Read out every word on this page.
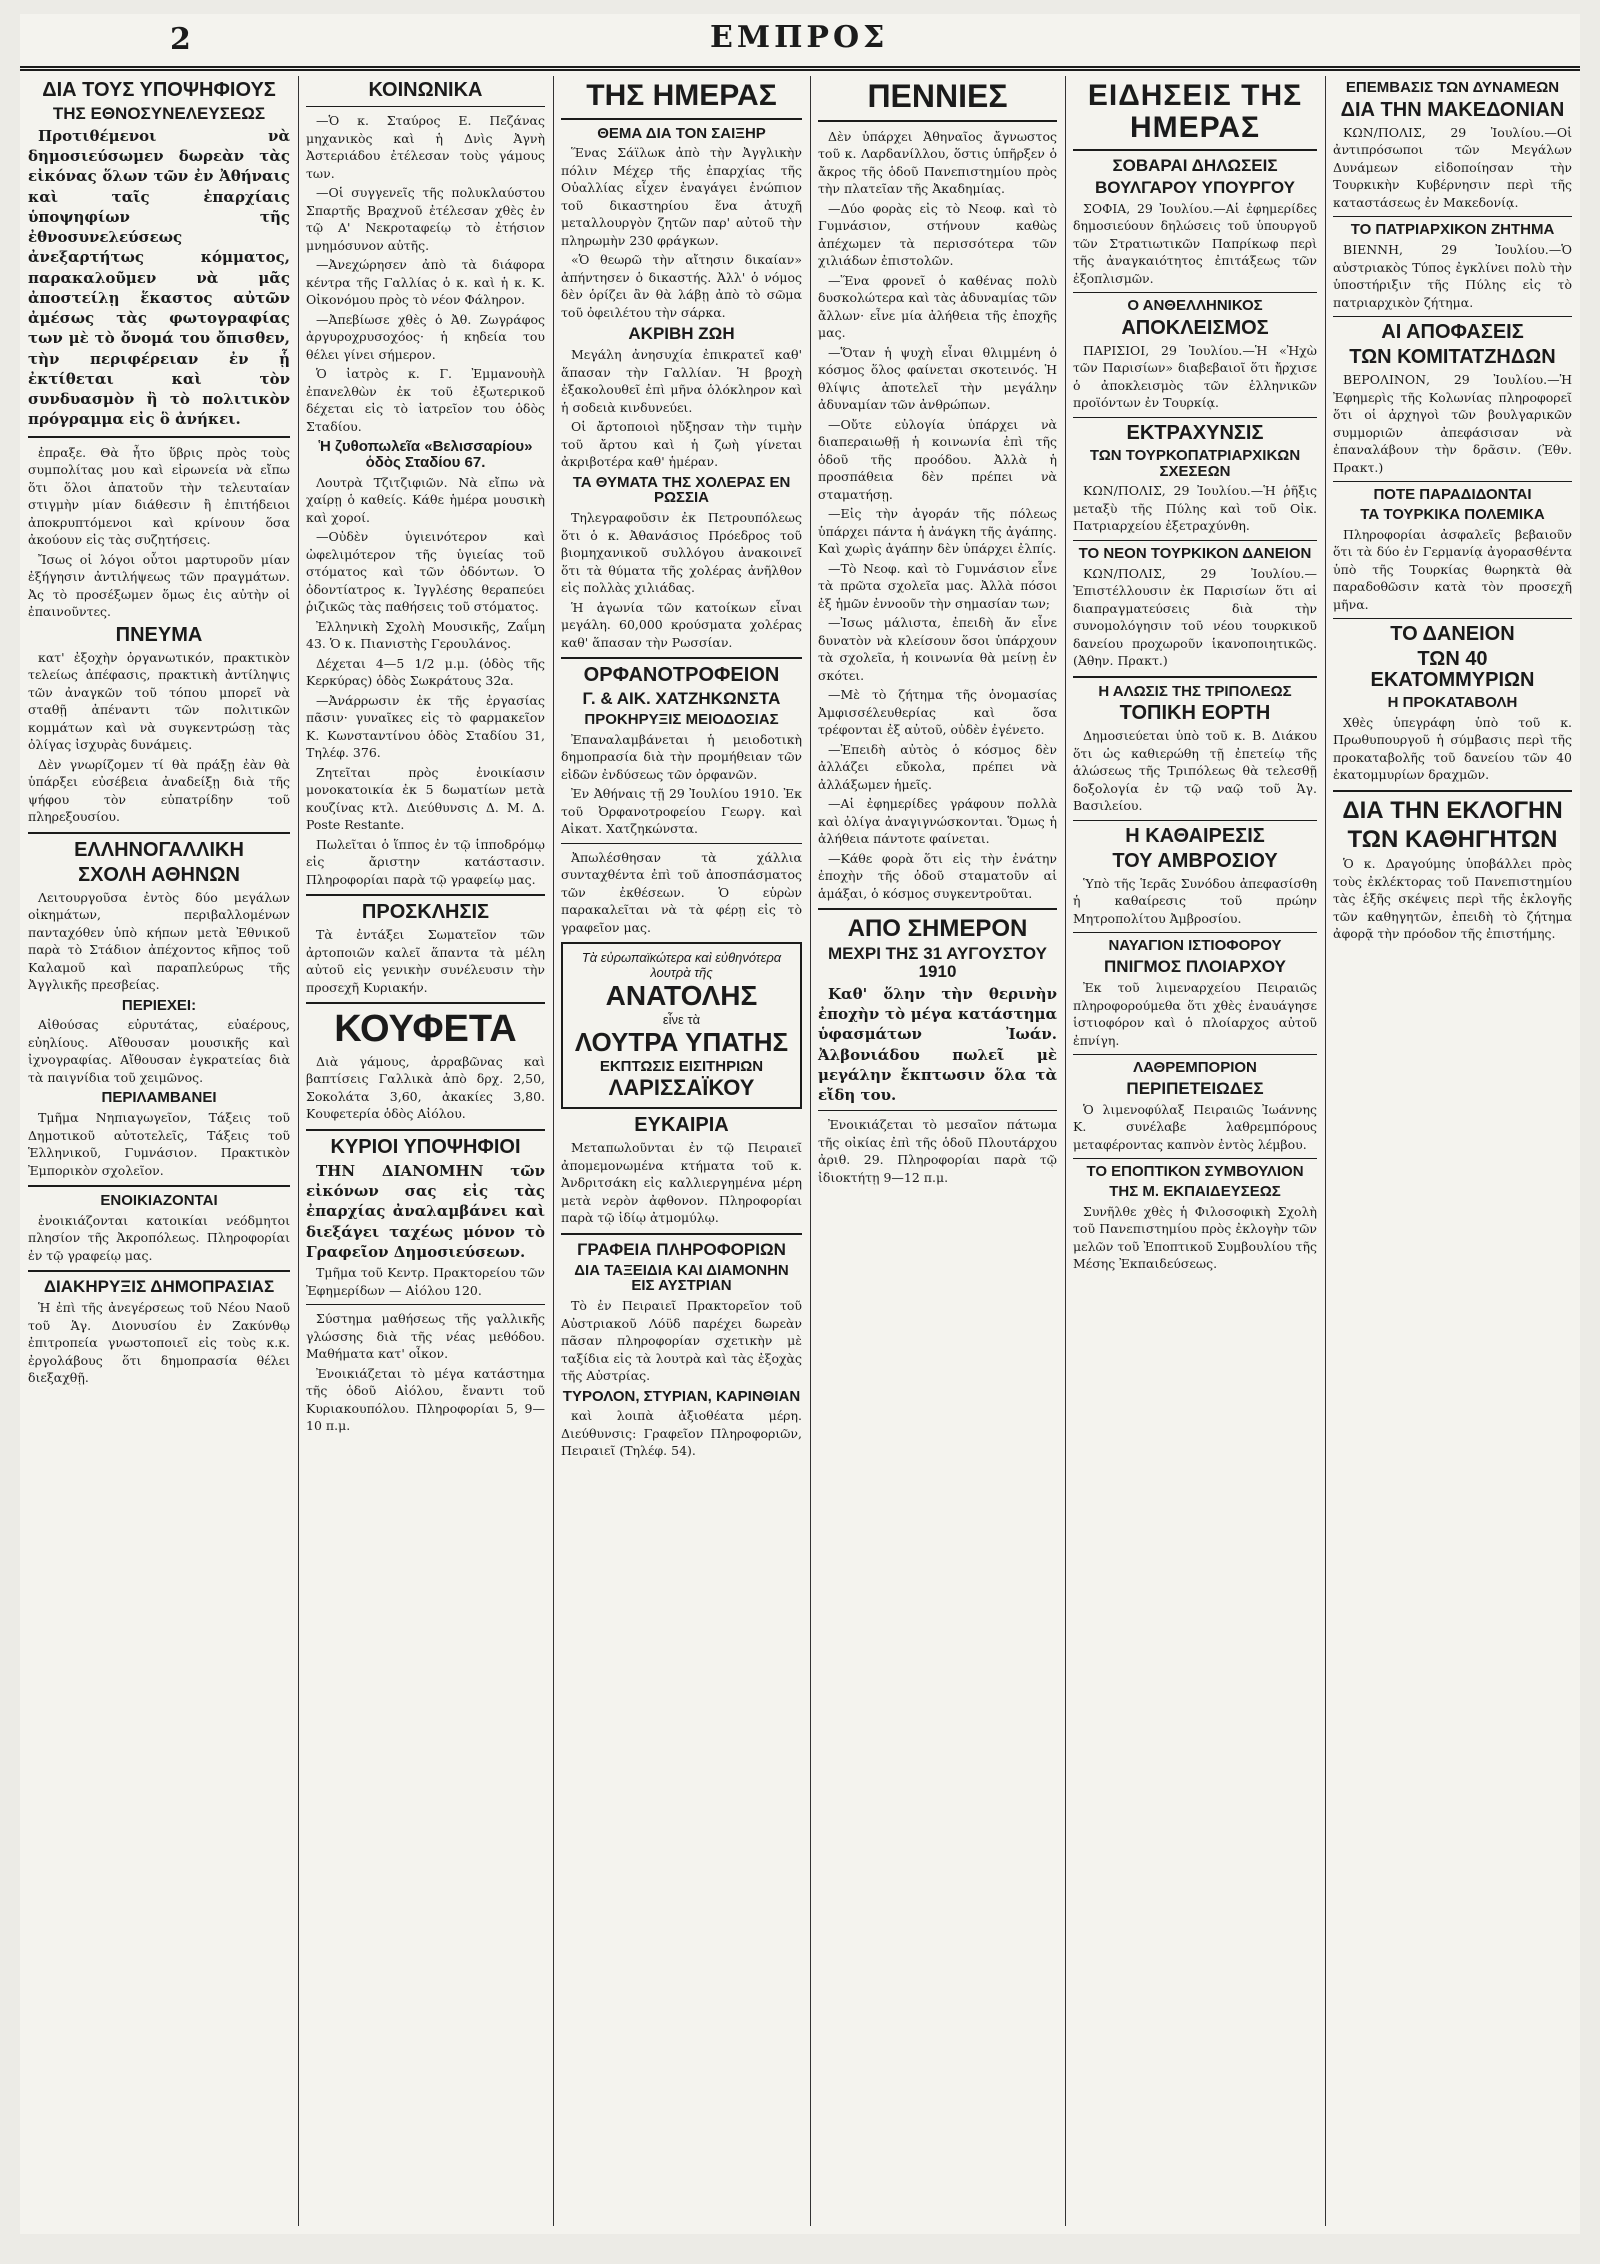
2	ΕΜΠΡΟΣ
ΔΙΑ ΤΟΥΣ ΥΠΟΨΗΦΙΟΥΣ
ΤΗΣ ΕΘΝΟΣΥΝΕΛΕΥΣΕΩΣ

Προτιθέμενοι νὰ δημοσιεύσωμεν δωρεὰν τὰς εἰκόνας ὅλων τῶν ἐν Ἀθήναις καὶ ταῖς ἐπαρχίαις ὑποψηφίων τῆς ἐθνοσυνελεύσεως ἀνεξαρτήτως κόμματος, παρακαλοῦμεν νὰ μᾶς ἀποστείλῃ ἕκαστος αὐτῶν ἀμέσως τὰς φωτογραφίας των μὲ τὸ ὄνομά του ὄπισθεν, τὴν περιφέρειαν ἐν ᾗ ἐκτίθεται καὶ τὸν συνδυασμὸν ἢ τὸ πολιτικὸν πρόγραμμα εἰς ὃ ἀνήκει.

ἐπραξε. Θὰ ἦτο ὕβρις πρὸς τοὺς συμπολίτας μου καὶ εἰρωνεία νὰ εἴπω ὅτι ὅλοι ἀπατοῦν τὴν τελευταίαν στιγμὴν μίαν διάθεσιν ἢ ἐπιτήδειοι ἀποκρυπτόμενοι καὶ κρίνουν ὅσα ἀκούουν εἰς τὰς συζητήσεις.

Ἴσως οἱ λόγοι οὗτοι μαρτυροῦν μίαν ἐξήγησιν ἀντιλήψεως τῶν πραγμάτων. Ἀς τὸ προσέξωμεν ὅμως ἐις αὐτὴν οἱ ἐπαινοῦντες.

ΠΝΕΥΜΑ

κατ' ἐξοχὴν ὀργανωτικόν, πρακτικὸν τελείως ἀπέφασις, πρακτικὴ ἀντίληψις τῶν ἀναγκῶν τοῦ τόπου μπορεῖ νὰ σταθῇ ἀπέναντι τῶν πολιτικῶν κομμάτων καὶ νὰ συγκεντρώσῃ τὰς ὀλίγας ἰσχυρὰς δυνάμεις.

Δὲν γνωρίζομεν τί θὰ πράξῃ ἐὰν θὰ ὑπάρξει εὐσέβεια ἀναδείξῃ διὰ τῆς ψήφου τὸν εὐπατρίδην τοῦ πληρεξουσίου.

ΕΛΛΗΝΟΓΑΛΛΙΚΗ
ΣΧΟΛΗ ΑΘΗΝΩΝ

Λειτουργοῦσα ἐντὸς δύο μεγάλων οἰκημάτων, περιβαλλομένων πανταχόθεν ὑπὸ κήπων μετὰ Ἐθνικοῦ παρὰ τὸ Στάδιον ἀπέχοντος κῆπος τοῦ Καλαμοῦ καὶ παραπλεύρως τῆς Ἀγγλικῆς πρεσβείας.

ΠΕΡΙΕΧΕΙ:

Αἰθούσας εὐρυτάτας, εὐαέρους, εὐηλίους. Αἴθουσαν μουσικῆς καὶ ἰχνογραφίας. Αἴθουσαν ἐγκρατείας διὰ τὰ παιγνίδια τοῦ χειμῶνος.

ΠΕΡΙΛΑΜΒΑΝΕΙ

Τμῆμα Νηπιαγωγεῖον, Τάξεις τοῦ Δημοτικοῦ αὐτοτελεῖς, Τάξεις τοῦ Ἑλληνικοῦ, Γυμνάσιον. Πρακτικὸν Ἐμπορικὸν σχολεῖον.

ΕΝΟΙΚΙΑΖΟΝΤΑΙ

ἐνοικιάζονται κατοικίαι νεόδμητοι πλησίον τῆς Ἀκροπόλεως. Πληροφορίαι ἐν τῷ γραφείῳ μας.

ΔΙΑΚΗΡΥΞΙΣ ΔΗΜΟΠΡΑΣΙΑΣ

Ἡ ἐπὶ τῆς ἀνεγέρσεως τοῦ Νέου Ναοῦ τοῦ Ἁγ. Διονυσίου ἐν Ζακύνθῳ ἐπιτροπεία γνωστοποιεῖ εἰς τοὺς κ.κ. ἐργολάβους ὅτι δημοπρασία θέλει διεξαχθῇ.

ΚΟΙΝΩΝΙΚΑ

—Ὁ κ. Σταύρος Ε. Πεζάνας μηχανικὸς καὶ ἡ Δνὶς Ἀγνὴ Ἀστεριάδου ἐτέλεσαν τοὺς γάμους των.

—Οἱ συγγενεῖς τῆς πολυκλαύστου Σπαρτῆς Βραχνοῦ ἐτέλεσαν χθὲς ἐν τῷ Α' Νεκροταφείῳ τὸ ἐτήσιον μνημόσυνον αὐτῆς.

—Ἀνεχώρησεν ἀπὸ τὰ διάφορα κέντρα τῆς Γαλλίας ὁ κ. καὶ ἡ κ. Κ. Οἰκονόμου πρὸς τὸ νέον Φάληρον.

—Ἀπεβίωσε χθὲς ὁ Ἀθ. Ζωγράφος ἀργυροχρυσοχόος· ἡ κηδεία του θέλει γίνει σήμερον.

Ὁ ἰατρὸς κ. Γ. Ἐμμανουὴλ ἐπανελθὼν ἐκ τοῦ ἐξωτερικοῦ δέχεται εἰς τὸ ἰατρεῖον του ὁδὸς Σταδίου.

Ἡ ζυθοπωλεῖα «Βελισσαρίου» ὁδὸς Σταδίου 67.

Λουτρὰ Τζιτζιφιῶν. Νὰ εἴπω νὰ χαίρῃ ὁ καθείς. Κάθε ἡμέρα μουσικὴ καὶ χοροί.

—Οὐδὲν ὑγιεινότερον καὶ ὠφελιμότερον τῆς ὑγιείας τοῦ στόματος καὶ τῶν ὀδόντων. Ὁ ὀδοντίατρος κ. Ἰγγλέσης θεραπεύει ῥιζικῶς τὰς παθήσεις τοῦ στόματος.

Ἐλληνικὴ Σχολὴ Μουσικῆς, Ζαΐμη 43. Ὁ κ. Πιανιστὴς Γερουλάνος.

Δέχεται 4—5 1/2 μ.μ. (ὁδὸς τῆς Κερκύρας) ὁδὸς Σωκράτους 32α.

—Ἀνάρρωσιν ἐκ τῆς ἐργασίας πᾶσιν· γυναῖκες εἰς τὸ φαρμακεῖον Κ. Κωνσταντίνου ὁδὸς Σταδίου 31, Τηλέφ. 376.

Ζητεῖται πρὸς ἐνοικίασιν μονοκατοικία ἐκ 5 δωματίων μετὰ κουζίνας κτλ. Διεύθυνσις Δ. Μ. Δ. Poste Restante.

Πωλεῖται ὁ ἵππος ἐν τῷ ἱπποδρόμῳ εἰς ἄριστην κατάστασιν. Πληροφορίαι παρὰ τῷ γραφείῳ μας.

ΠΡΟΣΚΛΗΣΙΣ

Τὰ ἐντάξει Σωματεῖον τῶν ἀρτοποιῶν καλεῖ ἅπαντα τὰ μέλη αὐτοῦ εἰς γενικὴν συνέλευσιν τὴν προσεχῆ Κυριακήν.

ΚΟΥΦΕΤΑ

Διὰ γάμους, ἀρραβῶνας καὶ βαπτίσεις Γαλλικὰ ἀπὸ δρχ. 2,50, Σοκολάτα 3,60, ἀκακίες 3,80. Κουφετερία ὁδὸς Αἰόλου.

ΚΥΡΙΟΙ ΥΠΟΨΗΦΙΟΙ

ΤΗΝ ΔΙΑΝΟΜΗΝ τῶν εἰκόνων σας εἰς τὰς ἐπαρχίας ἀναλαμβάνει καὶ διεξάγει ταχέως μόνον τὸ Γραφεῖον Δημοσιεύσεων.

Τμῆμα τοῦ Κεντρ. Πρακτορείου τῶν Ἐφημερίδων — Αἰόλου 120.

Σύστημα μαθήσεως τῆς γαλλικῆς γλώσσης διὰ τῆς νέας μεθόδου. Μαθήματα κατ' οἶκον.

Ἐνοικιάζεται τὸ μέγα κατάστημα τῆς ὁδοῦ Αἰόλου, ἔναντι τοῦ Κυριακουπόλου. Πληροφορίαι 5, 9—10 π.μ.

ΤΗΣ ΗΜΕΡΑΣ
ΘΕΜΑ ΔΙΑ ΤΟΝ ΣΑΙΞΗΡ

Ἕνας Σάϊλωκ ἀπὸ τὴν Ἀγγλικὴν πόλιν Μέχερ τῆς ἐπαρχίας τῆς Οὐαλλίας εἶχεν ἐναγάγει ἐνώπιον τοῦ δικαστηρίου ἕνα ἀτυχῆ μεταλλουργὸν ζητῶν παρ' αὐτοῦ τὴν πληρωμὴν 230 φράγκων.

«Ὁ θεωρῶ τὴν αἴτησιν δικαίαν» ἀπήντησεν ὁ δικαστής. Ἀλλ' ὁ νόμος δὲν ὁρίζει ἂν θὰ λάβῃ ἀπὸ τὸ σῶμα τοῦ ὀφειλέτου τὴν σάρκα.

ΑΚΡΙΒΗ ΖΩΗ

Μεγάλη ἀνησυχία ἐπικρατεῖ καθ' ἅπασαν τὴν Γαλλίαν. Ἡ βροχὴ ἐξακολουθεῖ ἐπὶ μῆνα ὁλόκληρον καὶ ἡ σοδειὰ κινδυνεύει.

Οἱ ἄρτοποιοὶ ηὔξησαν τὴν τιμὴν τοῦ ἄρτου καὶ ἡ ζωὴ γίνεται ἀκριβοτέρα καθ' ἡμέραν.

ΤΑ ΘΥΜΑΤΑ ΤΗΣ ΧΟΛΕΡΑΣ ΕΝ ΡΩΣΣΙΑ

Τηλεγραφοῦσιν ἐκ Πετρουπόλεως ὅτι ὁ κ. Ἀθανάσιος Πρόεδρος τοῦ βιομηχανικοῦ συλλόγου ἀνακοινεῖ ὅτι τὰ θύματα τῆς χολέρας ἀνῆλθον εἰς πολλὰς χιλιάδας.

Ἡ ἀγωνία τῶν κατοίκων εἶναι μεγάλη. 60,000 κρούσματα χολέρας καθ' ἅπασαν τὴν Ρωσσίαν.

ΟΡΦΑΝΟΤΡΟΦΕΙΟΝ
Γ. & ΑΙΚ. ΧΑΤΖΗΚΩΝΣΤΑ
ΠΡΟΚΗΡΥΞΙΣ ΜΕΙΟΔΟΣΙΑΣ

Ἐπαναλαμβάνεται ἡ μειοδοτικὴ δημοπρασία διὰ τὴν προμήθειαν τῶν εἰδῶν ἐνδύσεως τῶν ὀρφανῶν.

Ἐν Ἀθήναις τῇ 29 Ἰουλίου 1910. Ἐκ τοῦ Ὀρφανοτροφείου Γεωργ. καὶ Αἰκατ. Χατζηκώνστα.

Ἀπωλέσθησαν τὰ χάλλια συνταχθέντα ἐπὶ τοῦ ἀποσπάσματος τῶν ἐκθέσεων. Ὁ εὑρὼν παρακαλεῖται νὰ τὰ φέρῃ εἰς τὸ γραφεῖον μας.

Τὰ εὐρωπαϊκώτερα καὶ εὐθηνότερα λουτρὰ τῆς
ΑΝΑΤΟΛΗΣ
εἶνε τὰ
ΛΟΥΤΡΑ ΥΠΑΤΗΣ
ΕΚΠΤΩΣΙΣ ΕΙΣΙΤΗΡΙΩΝ
ΛΑΡΙΣΣΑΪΚΟΥ
ΕΥΚΑΙΡΙΑ

Μεταπωλοῦνται ἐν τῷ Πειραιεῖ ἀπομεμονωμένα κτήματα τοῦ κ. Ἀνδριτσάκη εἰς καλλιεργημένα μέρη μετὰ νερὸν ἀφθονον. Πληροφορίαι παρὰ τῷ ἰδίῳ ἀτμομύλῳ.

ΓΡΑΦΕΙΑ ΠΛΗΡΟΦΟΡΙΩΝ
ΔΙΑ ΤΑΞΕΙΔΙΑ ΚΑΙ ΔΙΑΜΟΝΗΝ ΕΙΣ ΑΥΣΤΡΙΑΝ

Τὸ ἐν Πειραιεῖ Πρακτορεῖον τοῦ Αὐστριακοῦ Λόϋδ παρέχει δωρεὰν πᾶσαν πληροφορίαν σχετικὴν μὲ ταξίδια εἰς τὰ λουτρὰ καὶ τὰς ἐξοχὰς τῆς Αὐστρίας.

ΤΥΡΟΛΟΝ, ΣΤΥΡΙΑΝ, ΚΑΡΙΝΘΙΑΝ

καὶ λοιπὰ ἀξιοθέατα μέρη. Διεύθυνσις: Γραφεῖον Πληροφοριῶν, Πειραιεῖ (Τηλέφ. 54).

ΠΕΝΝΙΕΣ

Δὲν ὑπάρχει Ἀθηναῖος ἄγνωστος τοῦ κ. Λαρδανίλλου, ὅστις ὑπῆρξεν ὁ ἄκρος τῆς ὁδοῦ Πανεπιστημίου πρὸς τὴν πλατεῖαν τῆς Ἀκαδημίας.

—Δύο φορὰς εἰς τὸ Νεοφ. καὶ τὸ Γυμνάσιον, στήνουν καθὼς ἀπέχωμεν τὰ περισσότερα τῶν χιλιάδων ἐπιστολῶν.

—Ἕνα φρονεῖ ὁ καθένας πολὺ δυσκολώτερα καὶ τὰς ἀδυναμίας τῶν ἄλλων· εἶνε μία ἀλήθεια τῆς ἐποχῆς μας.

—Ὅταν ἡ ψυχὴ εἶναι θλιμμένη ὁ κόσμος ὅλος φαίνεται σκοτεινός. Ἡ θλίψις ἀποτελεῖ τὴν μεγάλην ἀδυναμίαν τῶν ἀνθρώπων.

—Οὔτε εὐλογία ὑπάρχει νὰ διαπεραιωθῇ ἡ κοινωνία ἐπὶ τῆς ὁδοῦ τῆς προόδου. Ἀλλὰ ἡ προσπάθεια δὲν πρέπει νὰ σταματήσῃ.

—Εἰς τὴν ἀγοράν τῆς πόλεως ὑπάρχει πάντα ἡ ἀνάγκη τῆς ἀγάπης. Καὶ χωρὶς ἀγάπην δὲν ὑπάρχει ἐλπίς.

—Τὸ Νεοφ. καὶ τὸ Γυμνάσιον εἶνε τὰ πρῶτα σχολεῖα μας. Ἀλλὰ πόσοι ἐξ ἡμῶν ἐννοοῦν τὴν σημασίαν των;

—Ἰσως μάλιστα, ἐπειδὴ ἄν εἶνε δυνατὸν νὰ κλείσουν ὅσοι ὑπάρχουν τὰ σχολεῖα, ἡ κοινωνία θὰ μείνῃ ἐν σκότει.

—Μὲ τὸ ζήτημα τῆς ὀνομασίας Ἀμφισσέλευθερίας καὶ ὅσα τρέφονται ἐξ αὐτοῦ, οὐδὲν ἐγένετο.

—Ἐπειδὴ αὐτὸς ὁ κόσμος δὲν ἀλλάζει εὔκολα, πρέπει νὰ ἀλλάξωμεν ἡμεῖς.

—Αἱ ἐφημερίδες γράφουν πολλὰ καὶ ὀλίγα ἀναγιγνώσκονται. Ὅμως ἡ ἀλήθεια πάντοτε φαίνεται.

—Κάθε φορὰ ὅτι εἰς τὴν ἐνάτην ἐποχὴν τῆς ὁδοῦ σταματοῦν αἱ ἁμάξαι, ὁ κόσμος συγκεντροῦται.

ΑΠΟ ΣΗΜΕΡΟΝ
ΜΕΧΡΙ ΤΗΣ 31 ΑΥΓΟΥΣΤΟΥ 1910

Καθ' ὅλην τὴν θερινὴν ἐποχὴν τὸ μέγα κατάστημα ὑφασμάτων Ἰωάν. Ἀλβονιάδου πωλεῖ μὲ μεγάλην ἔκπτωσιν ὅλα τὰ εἴδη του.

Ἐνοικιάζεται τὸ μεσαῖον πάτωμα τῆς οἰκίας ἐπὶ τῆς ὁδοῦ Πλουτάρχου ἀριθ. 29. Πληροφορίαι παρὰ τῷ ἰδιοκτήτῃ 9—12 π.μ.

ΕΙΔΗΣΕΙΣ ΤΗΣ ΗΜΕΡΑΣ
ΣΟΒΑΡΑΙ ΔΗΛΩΣΕΙΣ
ΒΟΥΛΓΑΡΟΥ ΥΠΟΥΡΓΟΥ

ΣΟΦΙΑ, 29 Ἰουλίου.—Αἱ ἐφημερίδες δημοσιεύουν δηλώσεις τοῦ ὑπουργοῦ τῶν Στρατιωτικῶν Παπρίκωφ περὶ τῆς ἀναγκαιότητος ἐπιτάξεως τῶν ἐξοπλισμῶν.

Ο ΑΝΘΕΛΛΗΝΙΚΟΣ
ΑΠΟΚΛΕΙΣΜΟΣ

ΠΑΡΙΣΙΟΙ, 29 Ἰουλίου.—Ἡ «Ἠχὼ τῶν Παρισίων» διαβεβαιοῖ ὅτι ἤρχισε ὁ ἀποκλεισμὸς τῶν ἑλληνικῶν προϊόντων ἐν Τουρκίᾳ.

ΕΚΤΡΑΧΥΝΣΙΣ
ΤΩΝ ΤΟΥΡΚΟΠΑΤΡΙΑΡΧΙΚΩΝ ΣΧΕΣΕΩΝ

ΚΩΝ/ΠΟΛΙΣ, 29 Ἰουλίου.—Ἡ ῥῆξις μεταξὺ τῆς Πύλης καὶ τοῦ Οἰκ. Πατριαρχείου ἐξετραχύνθη.

ΤΟ ΝΕΟΝ ΤΟΥΡΚΙΚΟΝ ΔΑΝΕΙΟΝ

ΚΩΝ/ΠΟΛΙΣ, 29 Ἰουλίου.—Ἐπιστέλλουσιν ἐκ Παρισίων ὅτι αἱ διαπραγματεύσεις διὰ τὴν συνομολόγησιν τοῦ νέου τουρκικοῦ δανείου προχωροῦν ἱκανοποιητικῶς. (Ἀθην. Πρακτ.)

Η ΑΛΩΣΙΣ ΤΗΣ ΤΡΙΠΟΛΕΩΣ
ΤΟΠΙΚΗ ΕΟΡΤΗ

Δημοσιεύεται ὑπὸ τοῦ κ. Β. Διάκου ὅτι ὡς καθιερώθη τῇ ἐπετείῳ τῆς ἁλώσεως τῆς Τριπόλεως θὰ τελεσθῇ δοξολογία ἐν τῷ ναῷ τοῦ Ἁγ. Βασιλείου.

Η ΚΑΘΑΙΡΕΣΙΣ
ΤΟΥ ΑΜΒΡΟΣΙΟΥ

Ὑπὸ τῆς Ἱερᾶς Συνόδου ἀπεφασίσθη ἡ καθαίρεσις τοῦ πρώην Μητροπολίτου Ἀμβροσίου.

ΝΑΥΑΓΙΟΝ ΙΣΤΙΟΦΟΡΟΥ
ΠΝΙΓΜΟΣ ΠΛΟΙΑΡΧΟΥ

Ἐκ τοῦ λιμεναρχείου Πειραιῶς πληροφορούμεθα ὅτι χθὲς ἐναυάγησε ἱστιοφόρον καὶ ὁ πλοίαρχος αὐτοῦ ἐπνίγη.

ΛΑΘΡΕΜΠΟΡΙΟΝ
ΠΕΡΙΠΕΤΕΙΩΔΕΣ

Ὁ λιμενοφύλαξ Πειραιῶς Ἰωάννης Κ. συνέλαβε λαθρεμπόρους μεταφέροντας καπνὸν ἐντὸς λέμβου.

ΤΟ ΕΠΟΠΤΙΚΟΝ ΣΥΜΒΟΥΛΙΟΝ
ΤΗΣ Μ. ΕΚΠΑΙΔΕΥΣΕΩΣ

Συνῆλθε χθὲς ἡ Φιλοσοφικὴ Σχολὴ τοῦ Πανεπιστημίου πρὸς ἐκλογὴν τῶν μελῶν τοῦ Ἐποπτικοῦ Συμβουλίου τῆς Μέσης Ἐκπαιδεύσεως.

ΕΠΕΜΒΑΣΙΣ ΤΩΝ ΔΥΝΑΜΕΩΝ
ΔΙΑ ΤΗΝ ΜΑΚΕΔΟΝΙΑΝ

ΚΩΝ/ΠΟΛΙΣ, 29 Ἰουλίου.—Οἱ ἀντιπρόσωποι τῶν Μεγάλων Δυνάμεων εἰδοποίησαν τὴν Τουρκικὴν Κυβέρνησιν περὶ τῆς καταστάσεως ἐν Μακεδονίᾳ.

ΤΟ ΠΑΤΡΙΑΡΧΙΚΟΝ ΖΗΤΗΜΑ

ΒΙΕΝΝΗ, 29 Ἰουλίου.—Ὁ αὐστριακὸς Τύπος ἐγκλίνει πολὺ τὴν ὑποστήριξιν τῆς Πύλης εἰς τὸ πατριαρχικὸν ζήτημα.

ΑΙ ΑΠΟΦΑΣΕΙΣ
ΤΩΝ ΚΟΜΙΤΑΤΖΗΔΩΝ

ΒΕΡΟΛΙΝΟΝ, 29 Ἰουλίου.—Ἡ Ἐφημερὶς τῆς Κολωνίας πληροφορεῖ ὅτι οἱ ἀρχηγοὶ τῶν βουλγαρικῶν συμμοριῶν ἀπεφάσισαν νὰ ἐπαναλάβουν τὴν δρᾶσιν. (Ἐθν. Πρακτ.)

ΠΟΤΕ ΠΑΡΑΔΙΔΟΝΤΑΙ
ΤΑ ΤΟΥΡΚΙΚΑ ΠΟΛΕΜΙΚΑ

Πληροφορίαι ἀσφαλεῖς βεβαιοῦν ὅτι τὰ δύο ἐν Γερμανίᾳ ἀγορασθέντα ὑπὸ τῆς Τουρκίας θωρηκτὰ θὰ παραδοθῶσιν κατὰ τὸν προσεχῆ μῆνα.

ΤΟ ΔΑΝΕΙΟΝ
ΤΩΝ 40 ΕΚΑΤΟΜΜΥΡΙΩΝ
Η ΠΡΟΚΑΤΑΒΟΛΗ

Χθὲς ὑπεγράφη ὑπὸ τοῦ κ. Πρωθυπουργοῦ ἡ σύμβασις περὶ τῆς προκαταβολῆς τοῦ δανείου τῶν 40 ἑκατομμυρίων δραχμῶν.

ΔΙΑ ΤΗΝ ΕΚΛΟΓΗΝ
ΤΩΝ ΚΑΘΗΓΗΤΩΝ

Ὁ κ. Δραγούμης ὑποβάλλει πρὸς τοὺς ἐκλέκτορας τοῦ Πανεπιστημίου τὰς ἑξῆς σκέψεις περὶ τῆς ἐκλογῆς τῶν καθηγητῶν, ἐπειδὴ τὸ ζήτημα ἀφορᾷ τὴν πρόοδον τῆς ἐπιστήμης.
